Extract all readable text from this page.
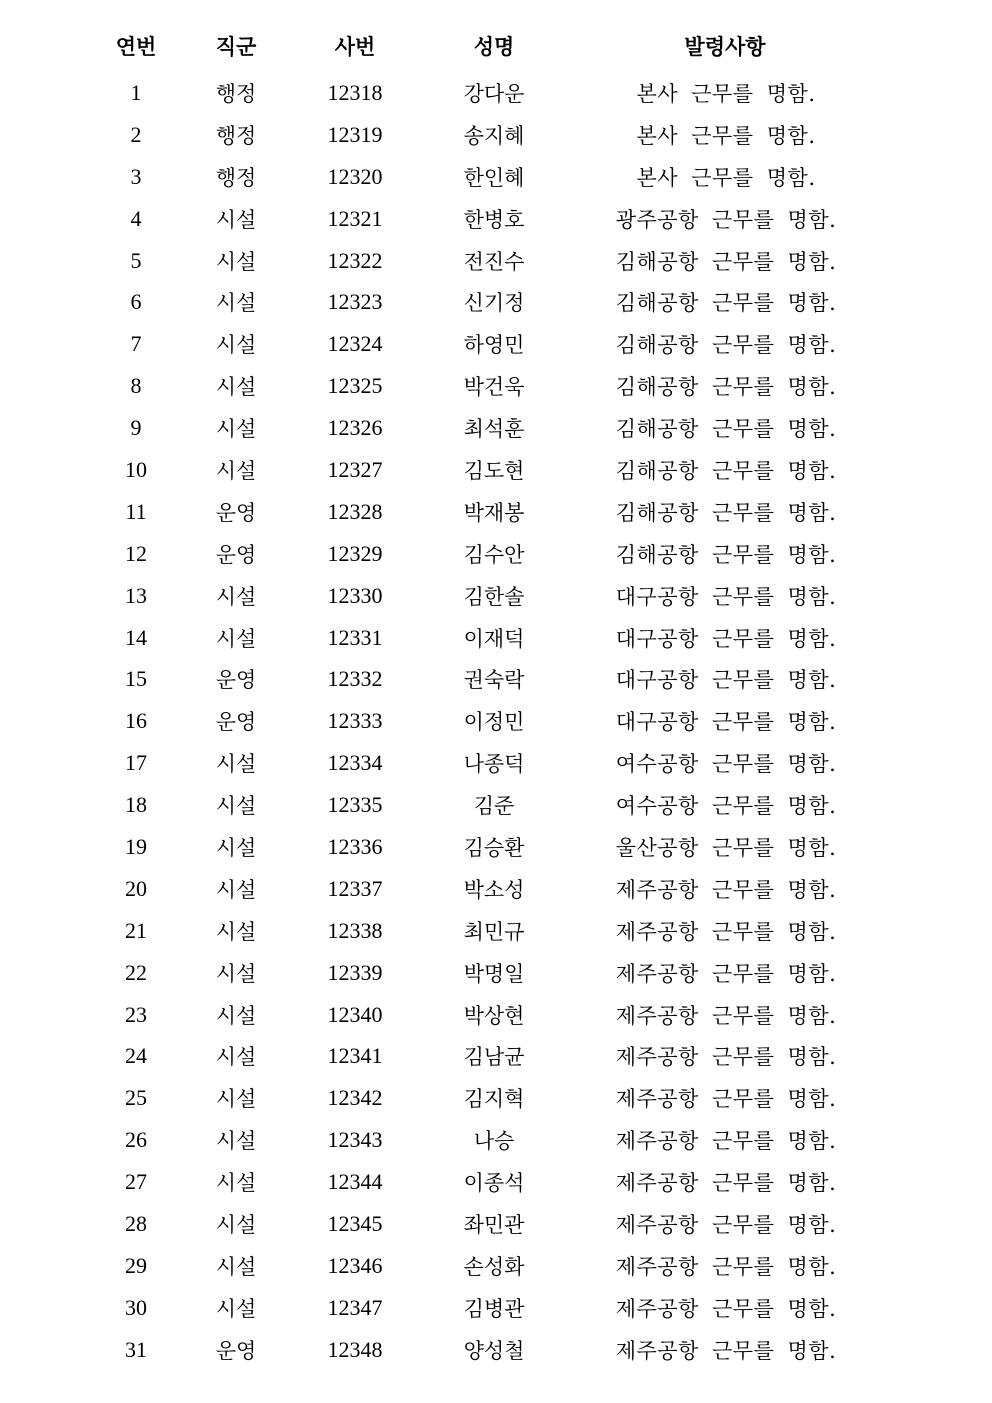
연번	직군	사번	성명	발령사항
1	행정	12318	강다운	본사 근무를 명함.
2	행정	12319	송지혜	본사 근무를 명함.
3	행정	12320	한인혜	본사 근무를 명함.
4	시설	12321	한병호	광주공항 근무를 명함.
5	시설	12322	전진수	김해공항 근무를 명함.
6	시설	12323	신기정	김해공항 근무를 명함.
7	시설	12324	하영민	김해공항 근무를 명함.
8	시설	12325	박건욱	김해공항 근무를 명함.
9	시설	12326	최석훈	김해공항 근무를 명함.
10	시설	12327	김도현	김해공항 근무를 명함.
11	운영	12328	박재봉	김해공항 근무를 명함.
12	운영	12329	김수안	김해공항 근무를 명함.
13	시설	12330	김한솔	대구공항 근무를 명함.
14	시설	12331	이재덕	대구공항 근무를 명함.
15	운영	12332	권숙락	대구공항 근무를 명함.
16	운영	12333	이정민	대구공항 근무를 명함.
17	시설	12334	나종덕	여수공항 근무를 명함.
18	시설	12335	김준	여수공항 근무를 명함.
19	시설	12336	김승환	울산공항 근무를 명함.
20	시설	12337	박소성	제주공항 근무를 명함.
21	시설	12338	최민규	제주공항 근무를 명함.
22	시설	12339	박명일	제주공항 근무를 명함.
23	시설	12340	박상현	제주공항 근무를 명함.
24	시설	12341	김남균	제주공항 근무를 명함.
25	시설	12342	김지혁	제주공항 근무를 명함.
26	시설	12343	나승	제주공항 근무를 명함.
27	시설	12344	이종석	제주공항 근무를 명함.
28	시설	12345	좌민관	제주공항 근무를 명함.
29	시설	12346	손성화	제주공항 근무를 명함.
30	시설	12347	김병관	제주공항 근무를 명함.
31	운영	12348	양성철	제주공항 근무를 명함.
